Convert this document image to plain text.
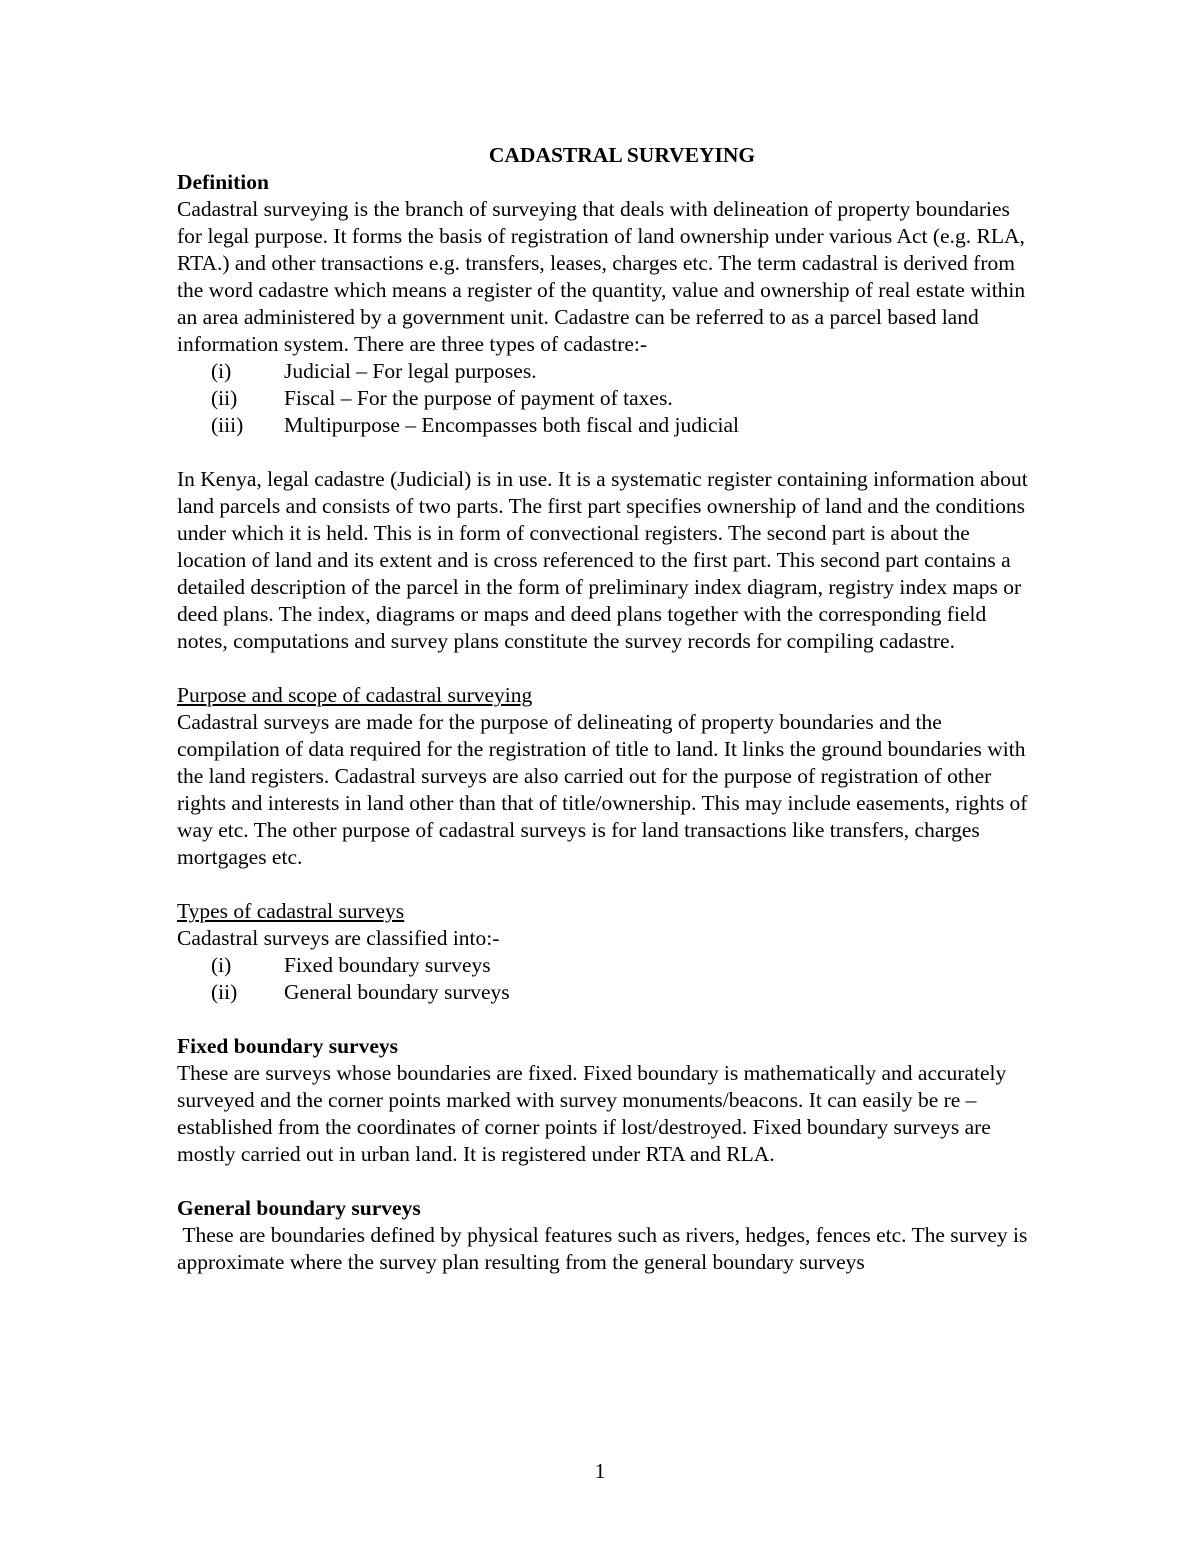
CADASTRAL SURVEYING

Definition

Cadastral surveying is the branch of surveying that deals with delineation of property boundaries for legal purpose. It forms the basis of registration of land ownership under various Act (e.g. RLA, RTA.) and other transactions e.g. transfers, leases, charges etc. The term cadastral is derived from the word cadastre which means a register of the quantity, value and ownership of real estate within an area administered by a government unit. Cadastre can be referred to as a parcel based land information system. There are three types of cadastre:-

(i) Judicial – For legal purposes.
(ii) Fiscal – For the purpose of payment of taxes.
(iii) Multipurpose – Encompasses both fiscal and judicial

In Kenya, legal cadastre (Judicial) is in use. It is a systematic register containing information about land parcels and consists of two parts. The first part specifies ownership of land and the conditions under which it is held. This is in form of convectional registers. The second part is about the location of land and its extent and is cross referenced to the first part. This second part contains a detailed description of the parcel in the form of preliminary index diagram, registry index maps or deed plans. The index, diagrams or maps and deed plans together with the corresponding field notes, computations and survey plans constitute the survey records for compiling cadastre.

Purpose and scope of cadastral surveying

Cadastral surveys are made for the purpose of delineating of property boundaries and the compilation of data required for the registration of title to land. It links the ground boundaries with the land registers. Cadastral surveys are also carried out for the purpose of registration of other rights and interests in land other than that of title/ownership. This may include easements, rights of way etc. The other purpose of cadastral surveys is for land transactions like transfers, charges mortgages etc.

Types of cadastral surveys

Cadastral surveys are classified into:-

(i) Fixed boundary surveys
(ii) General boundary surveys

Fixed boundary surveys

These are surveys whose boundaries are fixed. Fixed boundary is mathematically and accurately surveyed and the corner points marked with survey monuments/beacons. It can easily be re – established from the coordinates of corner points if lost/destroyed. Fixed boundary surveys are mostly carried out in urban land. It is registered under RTA and RLA.

General boundary surveys

These are boundaries defined by physical features such as rivers, hedges, fences etc. The survey is approximate where the survey plan resulting from the general boundary surveys

1
